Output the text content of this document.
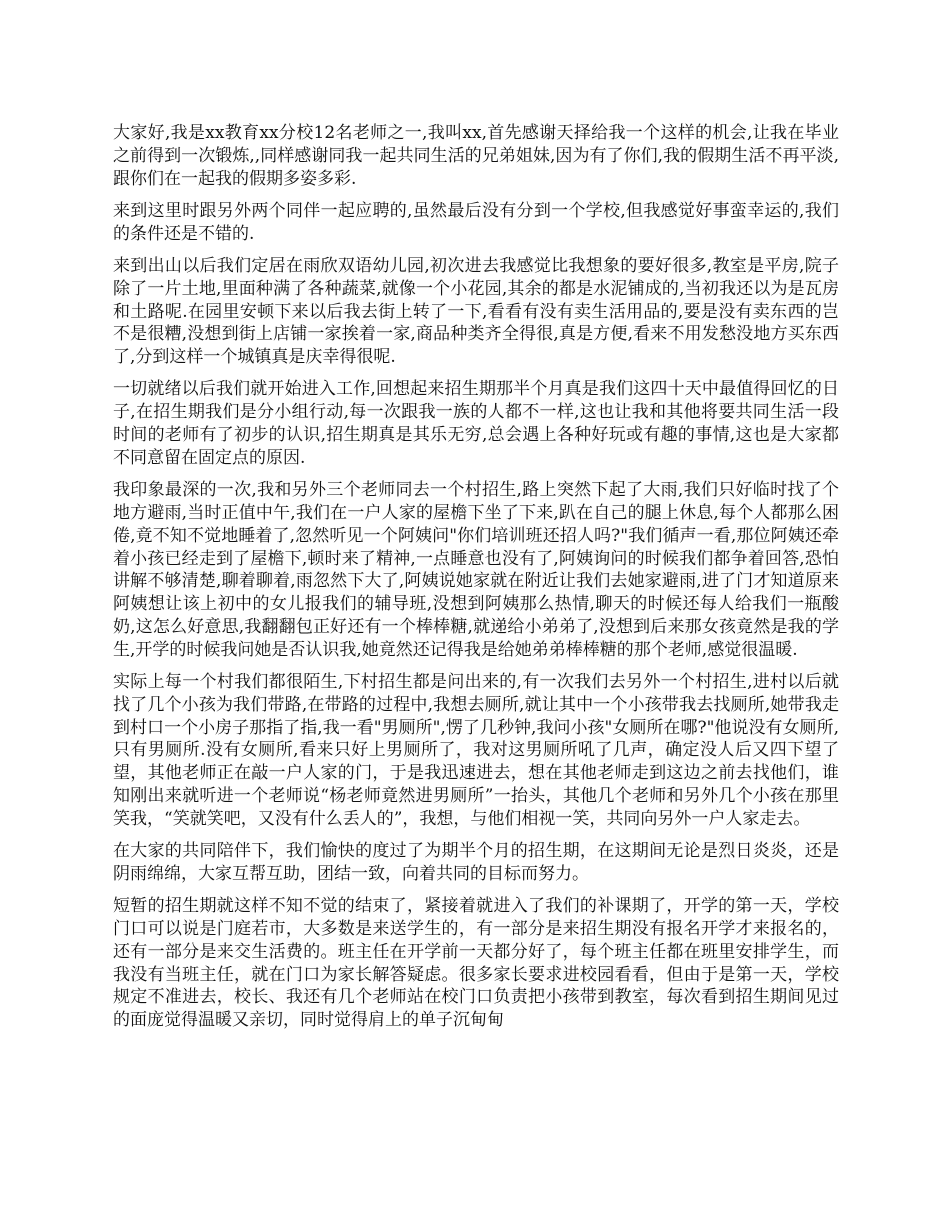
大家好,我是xx教育xx分校12名老师之一,我叫xx,首先感谢天择给我一个这样的机会,让我在毕业之前得到一次锻炼,,同样感谢同我一起共同生活的兄弟姐妹,因为有了你们,我的假期生活不再平淡,跟你们在一起我的假期多姿多彩.

来到这里时跟另外两个同伴一起应聘的,虽然最后没有分到一个学校,但我感觉好事蛮幸运的,我们的条件还是不错的.

来到出山以后我们定居在雨欣双语幼儿园,初次进去我感觉比我想象的要好很多,教室是平房,院子除了一片土地,里面种满了各种蔬菜,就像一个小花园,其余的都是水泥铺成的,当初我还以为是瓦房和土路呢.在园里安顿下来以后我去街上转了一下,看看有没有卖生活用品的,要是没有卖东西的岂不是很糟,没想到街上店铺一家挨着一家,商品种类齐全得很,真是方便,看来不用发愁没地方买东西了,分到这样一个城镇真是庆幸得很呢.

一切就绪以后我们就开始进入工作,回想起来招生期那半个月真是我们这四十天中最值得回忆的日子,在招生期我们是分小组行动,每一次跟我一族的人都不一样,这也让我和其他将要共同生活一段时间的老师有了初步的认识,招生期真是其乐无穷,总会遇上各种好玩或有趣的事情,这也是大家都不同意留在固定点的原因.

我印象最深的一次,我和另外三个老师同去一个村招生,路上突然下起了大雨,我们只好临时找了个地方避雨,当时正值中午,我们在一户人家的屋檐下坐了下来,趴在自己的腿上休息,每个人都那么困倦,竟不知不觉地睡着了,忽然听见一个阿姨问"你们培训班还招人吗?"我们循声一看,那位阿姨还牵着小孩已经走到了屋檐下,顿时来了精神,一点睡意也没有了,阿姨询问的时候我们都争着回答,恐怕讲解不够清楚,聊着聊着,雨忽然下大了,阿姨说她家就在附近让我们去她家避雨,进了门才知道原来阿姨想让该上初中的女儿报我们的辅导班,没想到阿姨那么热情,聊天的时候还每人给我们一瓶酸奶,这怎么好意思,我翻翻包正好还有一个棒棒糖,就递给小弟弟了,没想到后来那女孩竟然是我的学生,开学的时候我问她是否认识我,她竟然还记得我是给她弟弟棒棒糖的那个老师,感觉很温暖.

实际上每一个村我们都很陌生,下村招生都是问出来的,有一次我们去另外一个村招生,进村以后就找了几个小孩为我们带路,在带路的过程中,我想去厕所,就让其中一个小孩带我去找厕所,她带我走到村口一个小房子那指了指,我一看"男厕所",愣了几秒钟,我问小孩"女厕所在哪?"他说没有女厕所,只有男厕所.没有女厕所,看来只好上男厕所了，我对这男厕所吼了几声，确定没人后又四下望了望，其他老师正在敲一户人家的门，于是我迅速进去，想在其他老师走到这边之前去找他们，谁知刚出来就听进一个老师说“杨老师竟然进男厕所”一抬头，其他几个老师和另外几个小孩在那里笑我，“笑就笑吧，又没有什么丢人的”，我想，与他们相视一笑，共同向另外一户人家走去。

在大家的共同陪伴下，我们愉快的度过了为期半个月的招生期，在这期间无论是烈日炎炎，还是阴雨绵绵，大家互帮互助，团结一致，向着共同的目标而努力。

短暂的招生期就这样不知不觉的结束了，紧接着就进入了我们的补课期了，开学的第一天，学校门口可以说是门庭若市，大多数是来送学生的，有一部分是来招生期没有报名开学才来报名的，还有一部分是来交生活费的。班主任在开学前一天都分好了，每个班主任都在班里安排学生，而我没有当班主任，就在门口为家长解答疑虑。很多家长要求进校园看看，但由于是第一天，学校规定不准进去，校长、我还有几个老师站在校门口负责把小孩带到教室，每次看到招生期间见过的面庞觉得温暖又亲切，同时觉得肩上的单子沉甸甸
